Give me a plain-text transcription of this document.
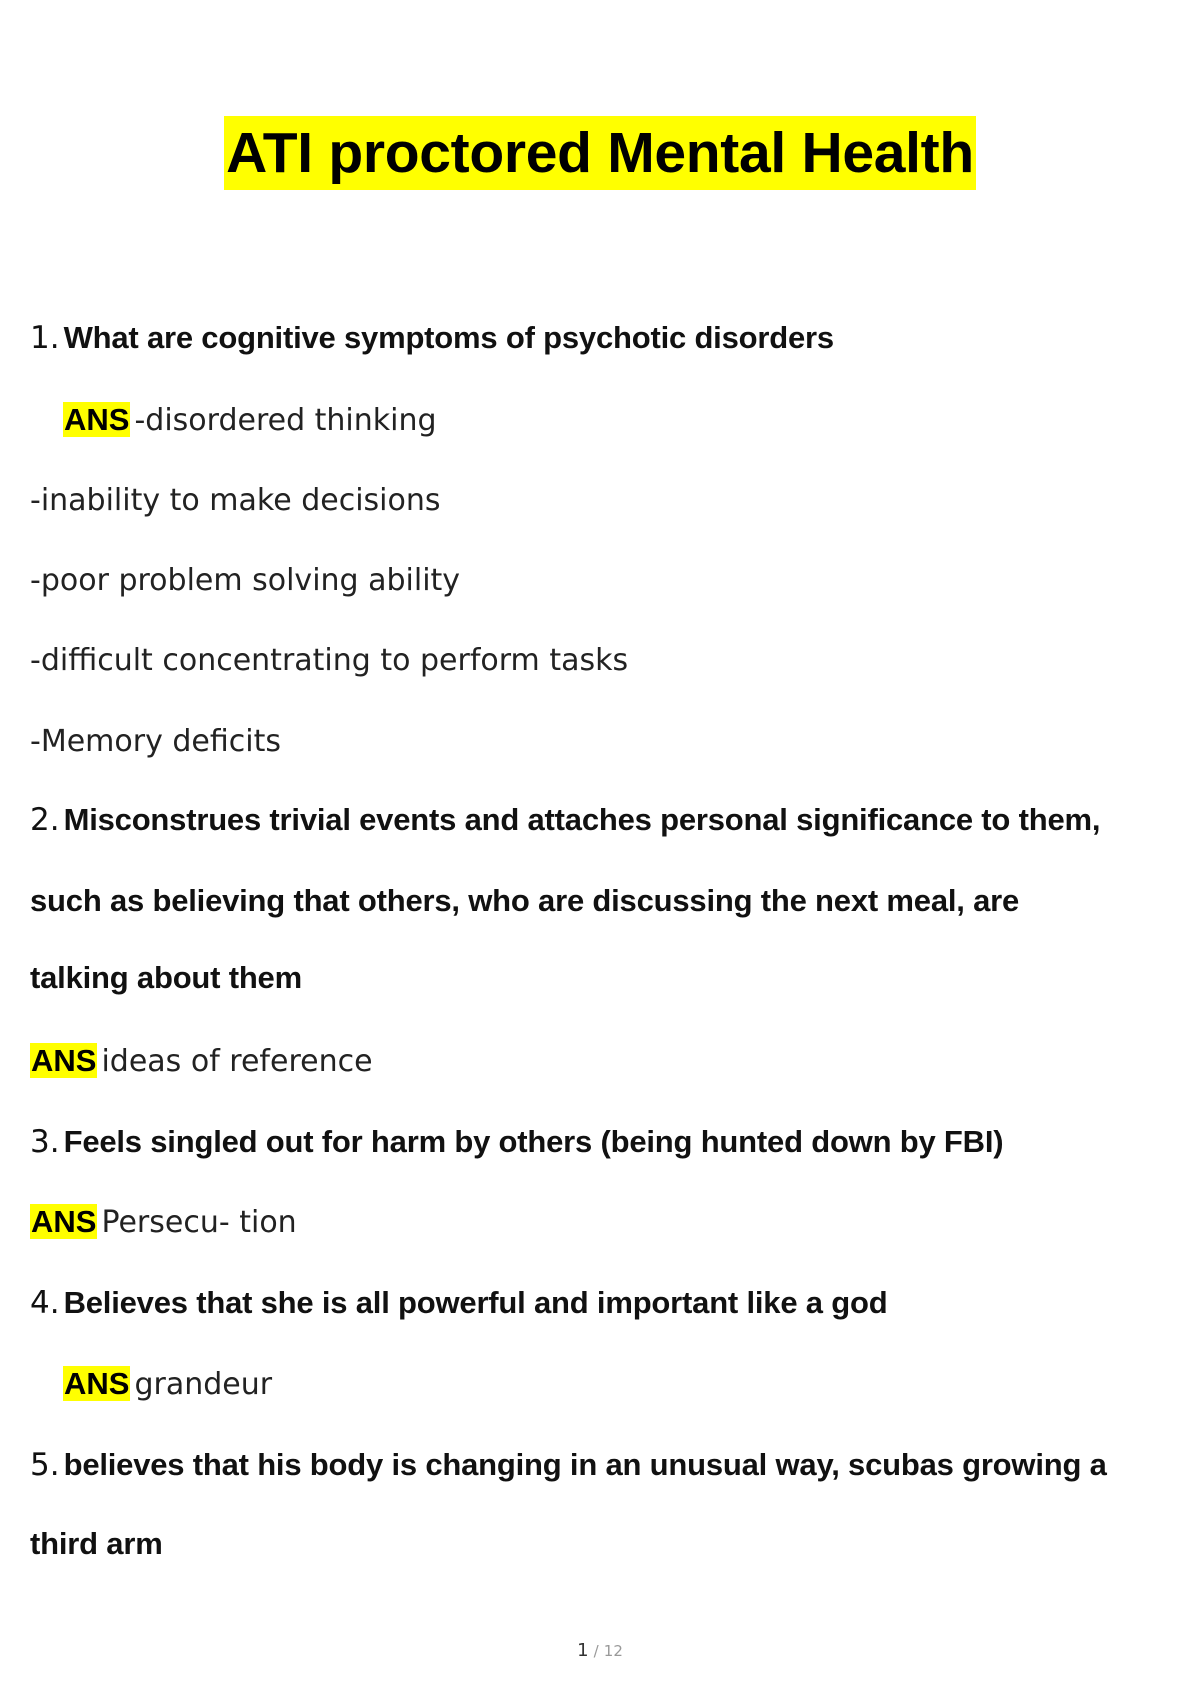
ATI proctored Mental Health
1. What are cognitive symptoms of psychotic disorders
ANS -disordered thinking
-inability to make decisions
-poor problem solving ability
-difficult concentrating to perform tasks
-Memory deficits
2. Misconstrues trivial events and attaches personal significance to them,
such as believing that others, who are discussing the next meal, are
talking about them
ANS ideas of reference
3. Feels singled out for harm by others (being hunted down by FBI)
ANS Persecu- tion
4. Believes that she is all powerful and important like a god
ANS grandeur
5. believes that his body is changing in an unusual way, scubas growing a
third arm
1 / 12
